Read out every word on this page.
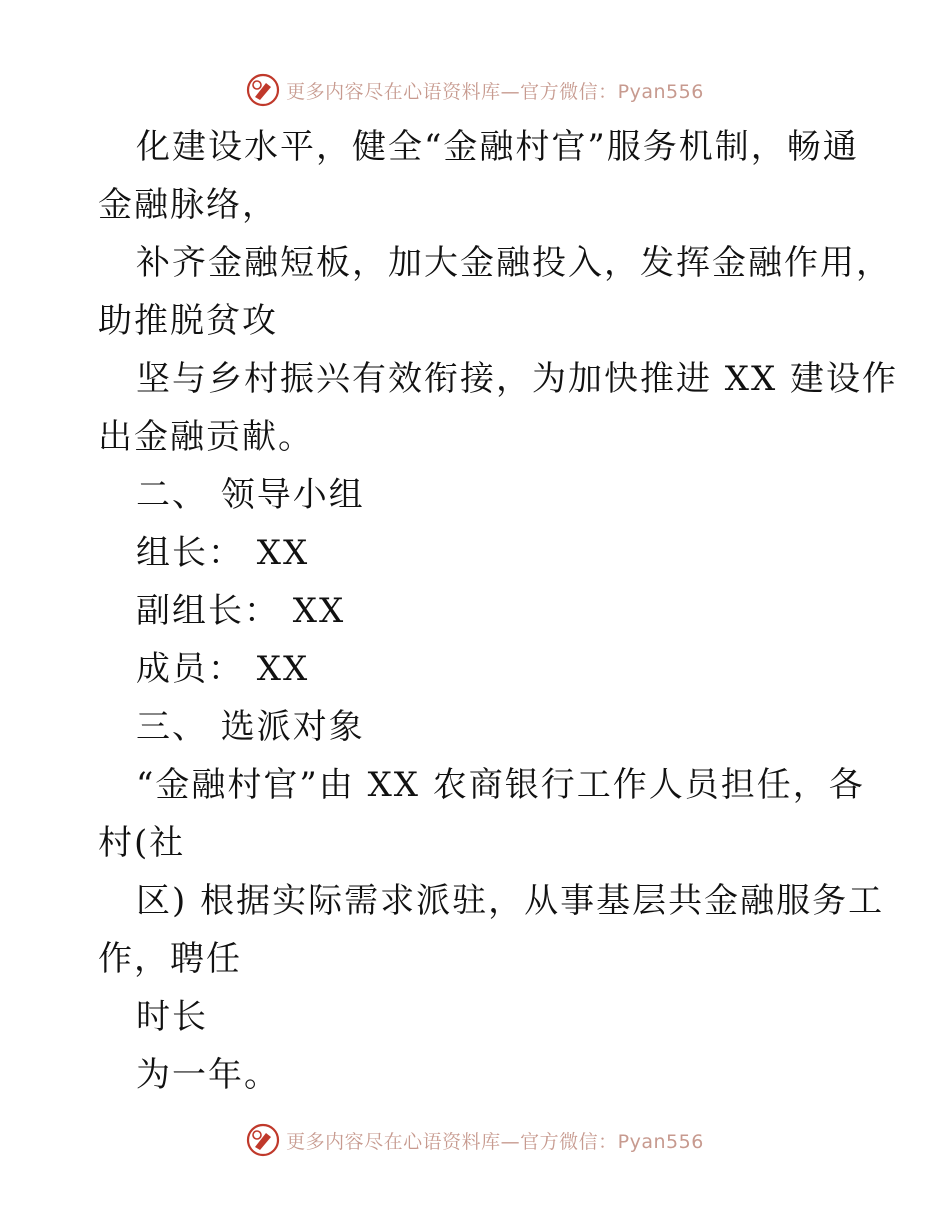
更多内容尽在心语资料库—官方微信：Pyan556
化建设水平，健全“金融村官”服务机制，畅通
金融脉络，
补齐金融短板，加大金融投入，发挥金融作用，
助推脱贫攻
坚与乡村振兴有效衔接，为加快推进 XX 建设作
出金融贡献。
二、 领导小组
组长： XX
副组长： XX
成员： XX
三、 选派对象
“金融村官”由 XX 农商银行工作人员担任，各
村(社
区) 根据实际需求派驻，从事基层共金融服务工
作，聘任
时长
为一年。
更多内容尽在心语资料库—官方微信：Pyan556
